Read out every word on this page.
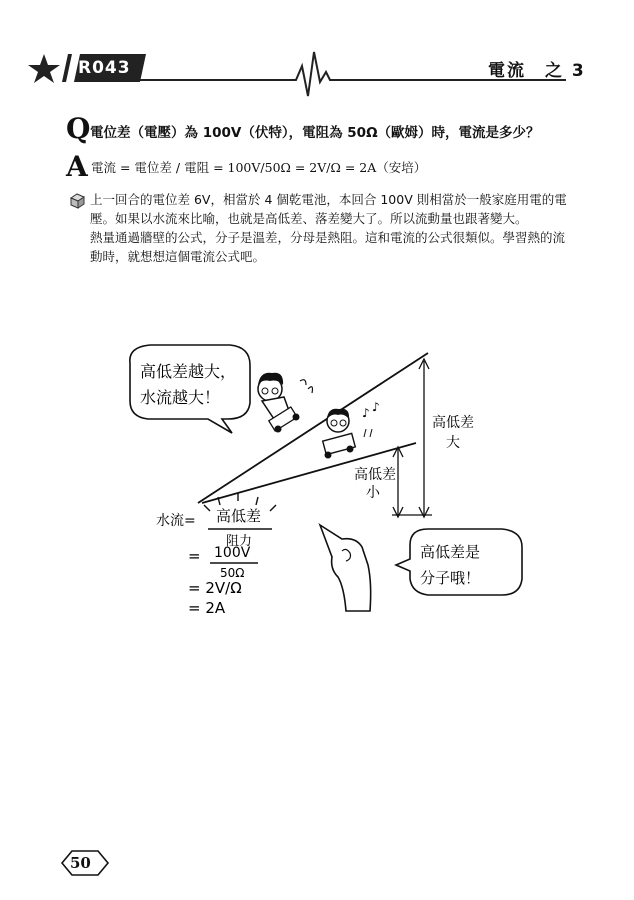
R043	電流　之 3
Q 電位差（電壓）為 100V（伏特），電阻為 50Ω（歐姆）時，電流是多少？
A 電流 = 電位差 / 電阻 = 100V/50Ω = 2V/Ω = 2A（安培）

上一回合的電位差 6V，相當於 4 個乾電池，本回合 100V 則相當於一般家庭用電的電壓。如果以水流來比喻，也就是高低差、落差變大了。所以流動量也跟著變大。

熱量通過牆壁的公式，分子是溫差，分母是熱阻。這和電流的公式很類似。學習熱的流動時，就想想這個電流公式吧。

高低差越大，
水流越大！
♪ ♪
高低差
大
高低差
小
水流= 高低差
阻力
= 100V
50Ω
= 2V/Ω
= 2A
高低差是
分子哦！
50
